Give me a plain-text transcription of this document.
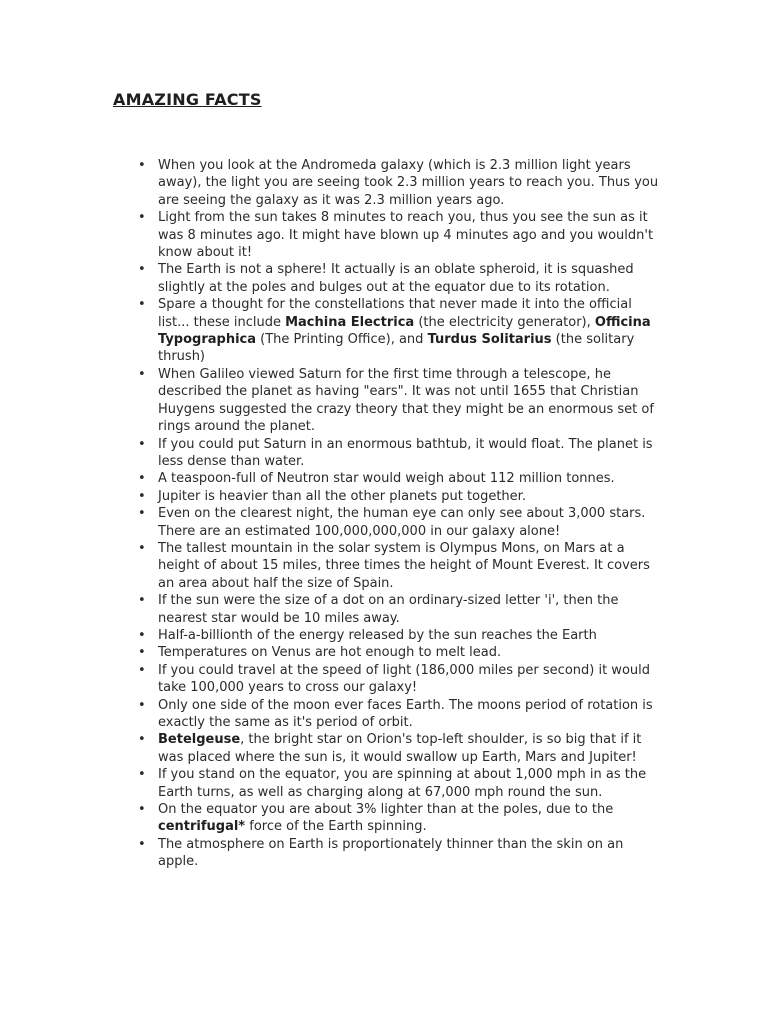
AMAZING FACTS
• When you look at the Andromeda galaxy (which is 2.3 million light years away), the light you are seeing took 2.3 million years to reach you. Thus you are seeing the galaxy as it was 2.3 million years ago.
• Light from the sun takes 8 minutes to reach you, thus you see the sun as it was 8 minutes ago. It might have blown up 4 minutes ago and you wouldn't know about it!
• The Earth is not a sphere! It actually is an oblate spheroid, it is squashed slightly at the poles and bulges out at the equator due to its rotation.
• Spare a thought for the constellations that never made it into the official list... these include Machina Electrica (the electricity generator), Officina Typographica (The Printing Office), and Turdus Solitarius (the solitary thrush)
• When Galileo viewed Saturn for the first time through a telescope, he described the planet as having "ears". It was not until 1655 that Christian Huygens suggested the crazy theory that they might be an enormous set of rings around the planet.
• If you could put Saturn in an enormous bathtub, it would float. The planet is less dense than water.
• A teaspoon-full of Neutron star would weigh about 112 million tonnes.
• Jupiter is heavier than all the other planets put together.
• Even on the clearest night, the human eye can only see about 3,000 stars. There are an estimated 100,000,000,000 in our galaxy alone!
• The tallest mountain in the solar system is Olympus Mons, on Mars at a height of about 15 miles, three times the height of Mount Everest. It covers an area about half the size of Spain.
• If the sun were the size of a dot on an ordinary-sized letter 'i', then the nearest star would be 10 miles away.
• Half-a-billionth of the energy released by the sun reaches the Earth
• Temperatures on Venus are hot enough to melt lead.
• If you could travel at the speed of light (186,000 miles per second) it would take 100,000 years to cross our galaxy!
• Only one side of the moon ever faces Earth. The moons period of rotation is exactly the same as it's period of orbit.
• Betelgeuse, the bright star on Orion's top-left shoulder, is so big that if it was placed where the sun is, it would swallow up Earth, Mars and Jupiter!
• If you stand on the equator, you are spinning at about 1,000 mph in as the Earth turns, as well as charging along at 67,000 mph round the sun.
• On the equator you are about 3% lighter than at the poles, due to the centrifugal* force of the Earth spinning.
• The atmosphere on Earth is proportionately thinner than the skin on an apple.
